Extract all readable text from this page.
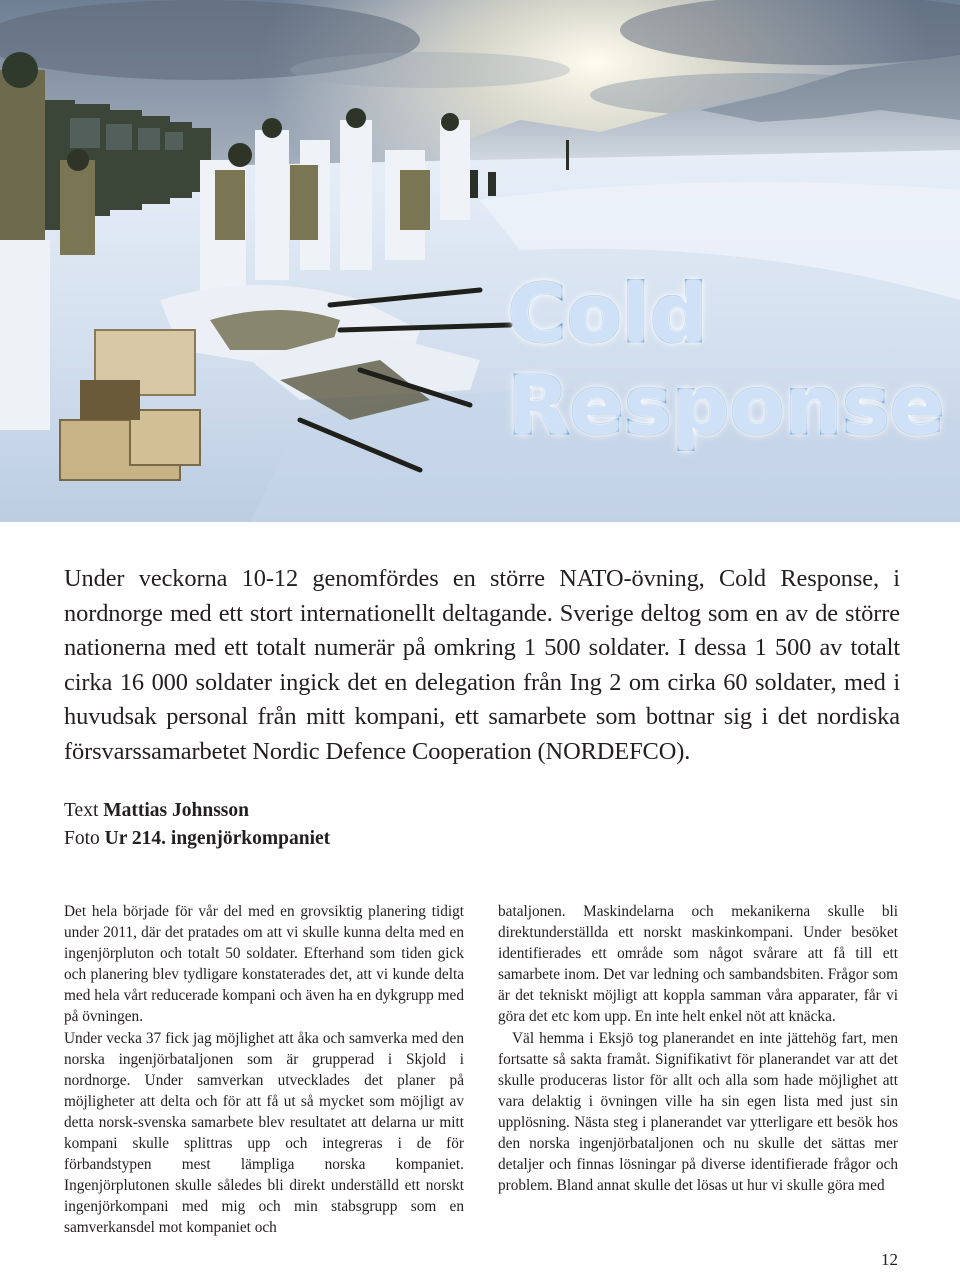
Cold
Response

Under veckorna 10-12 genomfördes en större NATO-övning, Cold Response, i nordnorge med ett stort internationellt deltagande. Sverige deltog som en av de större nationerna med ett totalt numerär på omkring 1 500 soldater. I dessa 1 500 av totalt cirka 16 000 soldater ingick det en delegation från Ing 2 om cirka 60 soldater, med i huvudsak personal från mitt kompani, ett samarbete som bottnar sig i det nordiska försvarssamarbetet Nordic Defence Cooperation (NORDEFCO).

Text Mattias Johnsson
Foto Ur 214. ingenjörkompaniet

Det hela började för vår del med en grovsiktig planering tidigt under 2011, där det pratades om att vi skulle kunna delta med en ingenjörpluton och totalt 50 soldater. Efterhand som tiden gick och planering blev tydligare konstaterades det, att vi kunde delta med hela vårt reducerade kompani och även ha en dykgrupp med på övningen.

Under vecka 37 fick jag möjlighet att åka och samverka med den norska ingenjörbataljonen som är grupperad i Skjold i nordnorge. Under samverkan utvecklades det planer på möjligheter att delta och för att få ut så mycket som möjligt av detta norsk-svenska samarbete blev resultatet att delarna ur mitt kompani skulle splittras upp och integreras i de för förbandstypen mest lämpliga norska kompaniet. Ingenjörplutonen skulle således bli direkt underställd ett norskt ingenjörkompani med mig och min stabsgrupp som en samverkansdel mot kompaniet och

bataljonen. Maskindelarna och mekanikerna skulle bli direktunderställda ett norskt maskinkompani. Under besöket identifierades ett område som något svårare att få till ett samarbete inom. Det var ledning och sambandsbiten. Frågor som är det tekniskt möjligt att koppla samman våra apparater, får vi göra det etc kom upp. En inte helt enkel nöt att knäcka.

Väl hemma i Eksjö tog planerandet en inte jättehög fart, men fortsatte så sakta framåt. Signifikativt för planerandet var att det skulle produceras listor för allt och alla som hade möjlighet att vara delaktig i övningen ville ha sin egen lista med just sin upplösning. Nästa steg i planerandet var ytterligare ett besök hos den norska ingenjörbataljonen och nu skulle det sättas mer detaljer och finnas lösningar på diverse identifierade frågor och problem. Bland annat skulle det lösas ut hur vi skulle göra med

12
